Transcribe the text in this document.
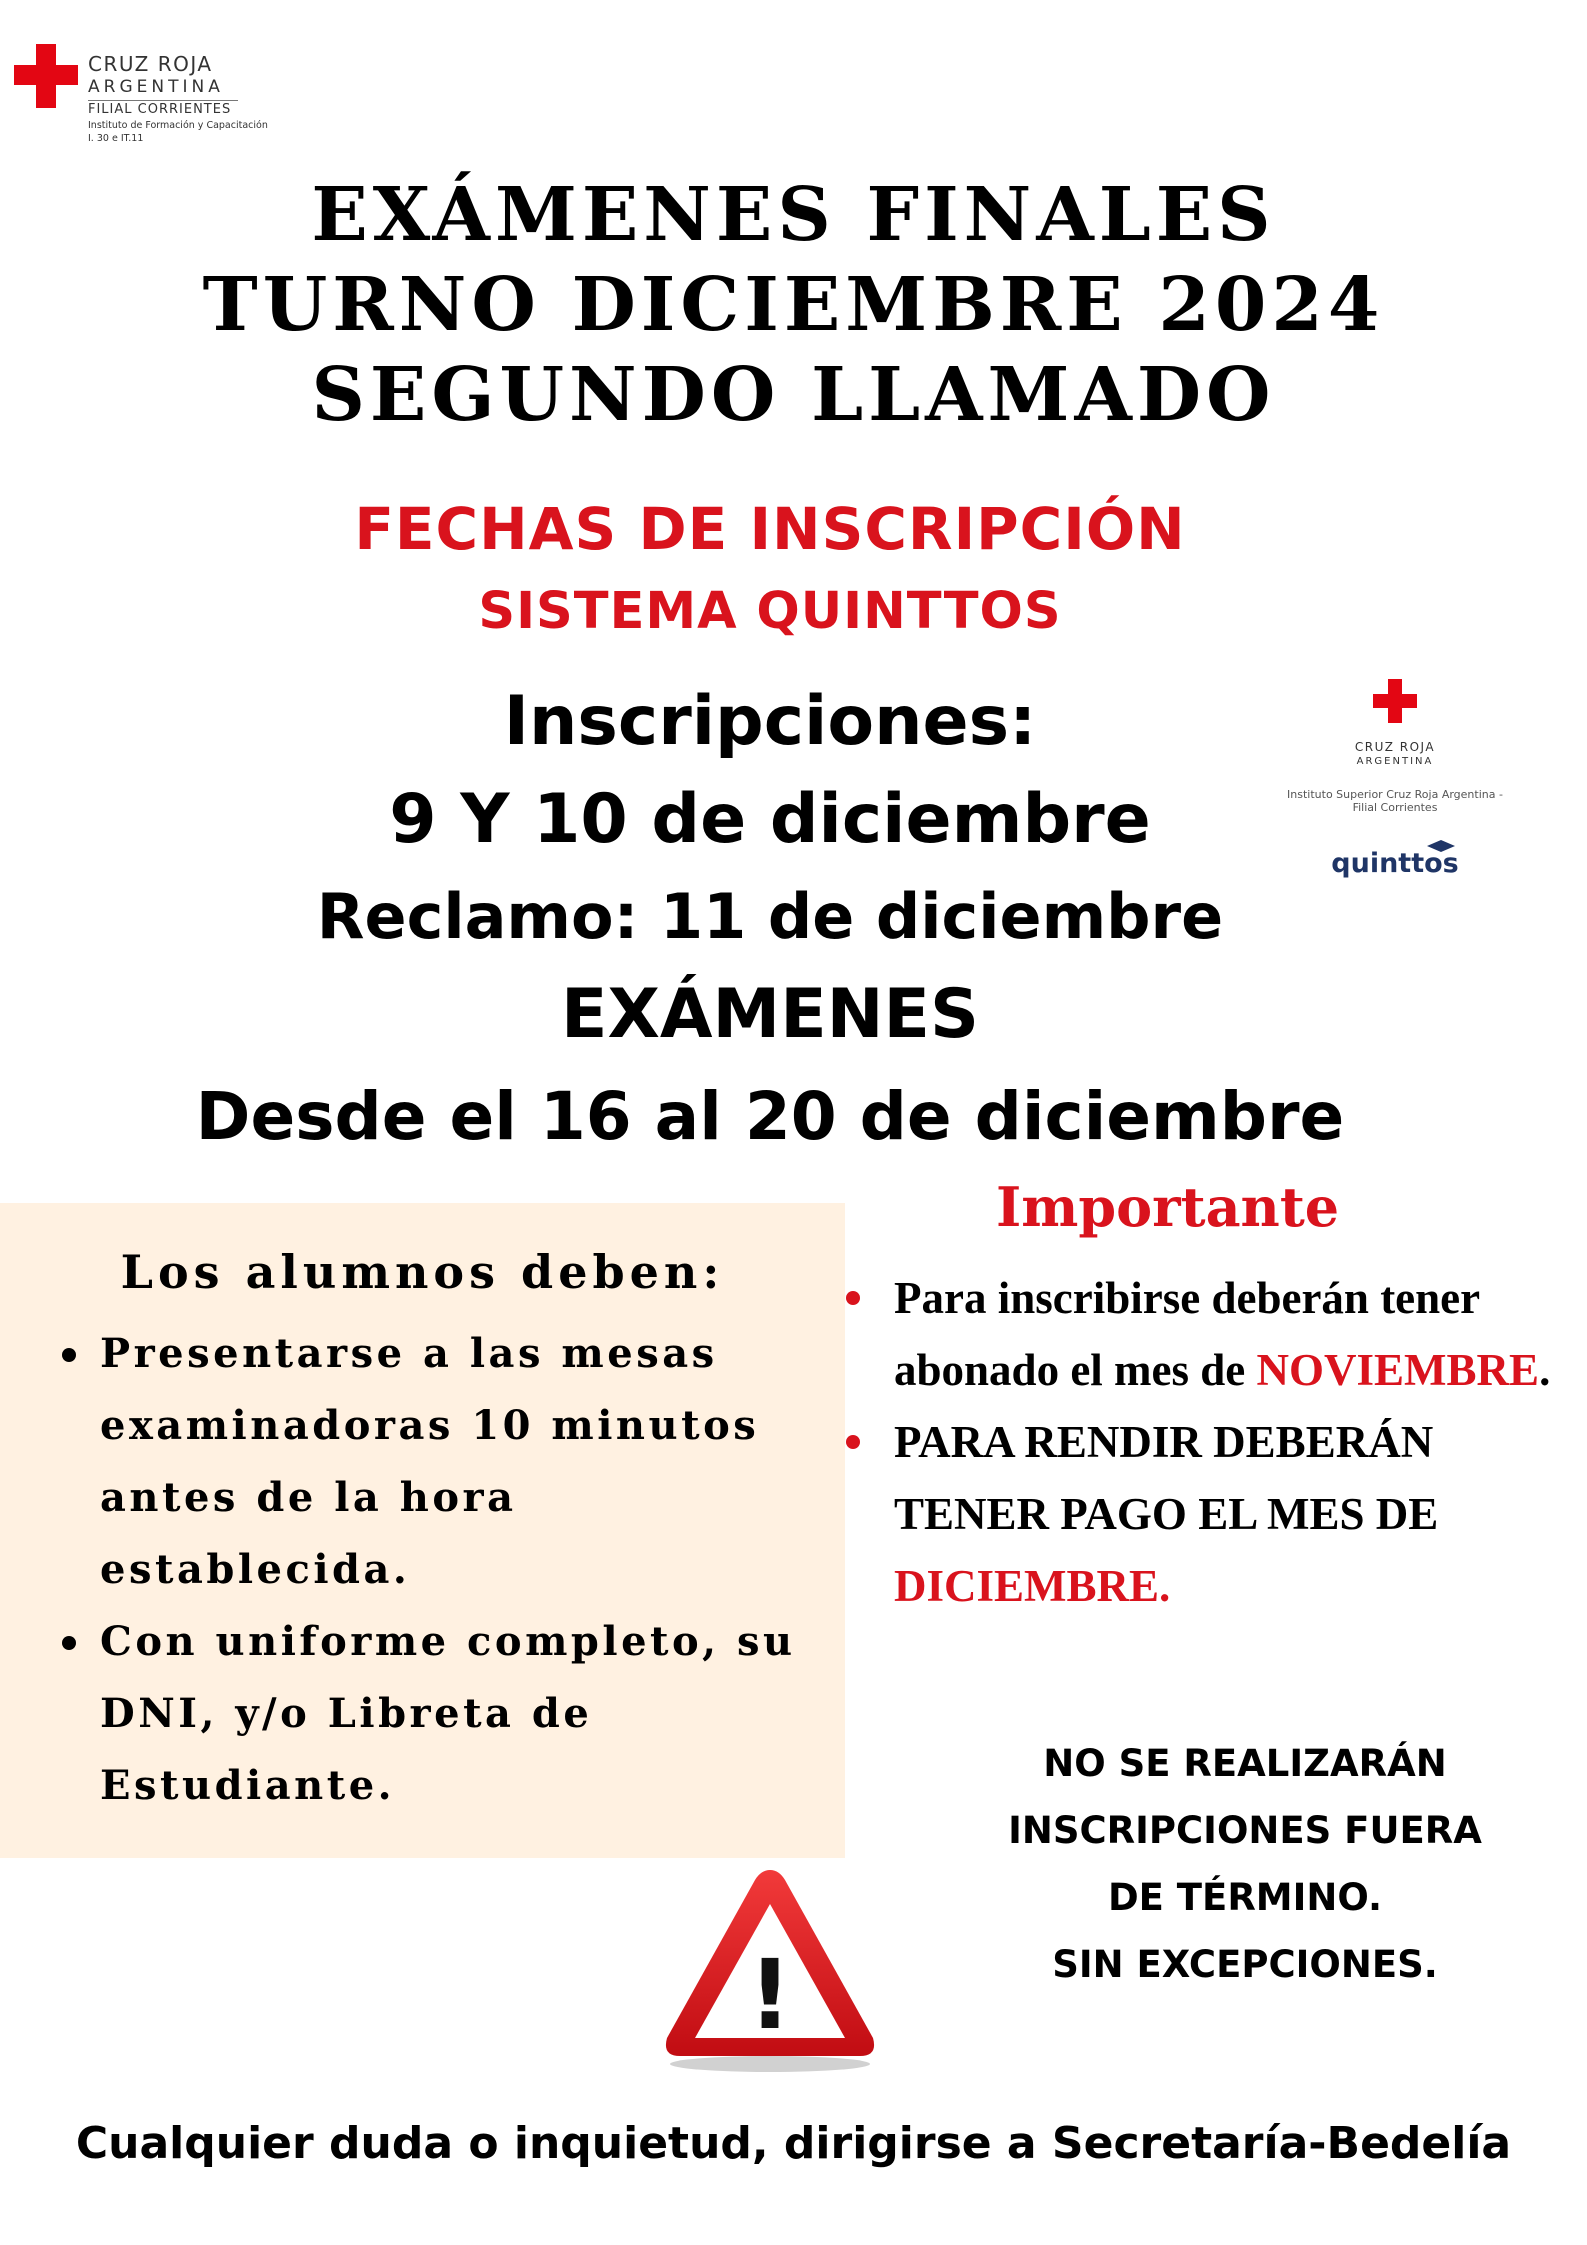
CRUZ ROJA
ARGENTINA
FILIAL CORRIENTES
Instituto de Formación y Capacitación
I. 30 e IT.11
EXÁMENES FINALES
TURNO DICIEMBRE 2024
SEGUNDO LLAMADO
FECHAS DE INSCRIPCIÓN
SISTEMA QUINTTOS
Inscripciones:
9 Y 10 de diciembre
Reclamo: 11 de diciembre
EXÁMENES
Desde el 16 al 20 de diciembre
CRUZ ROJA
ARGENTINA
Instituto Superior Cruz Roja Argentina -
Filial Corrientes
quinttos
Los alumnos deben:
Presentarse a las mesas examinadoras 10 minutos antes de la hora establecida.
Con uniforme completo, su DNI, y/o Libreta de Estudiante.
Importante
Para inscribirse deberán tener abonado el mes de NOVIEMBRE.
PARA RENDIR DEBERÁN TENER PAGO EL MES DE DICIEMBRE.
NO SE REALIZARÁN
INSCRIPCIONES FUERA
DE TÉRMINO.
SIN EXCEPCIONES.
!
Cualquier duda o inquietud, dirigirse a Secretaría-Bedelía
